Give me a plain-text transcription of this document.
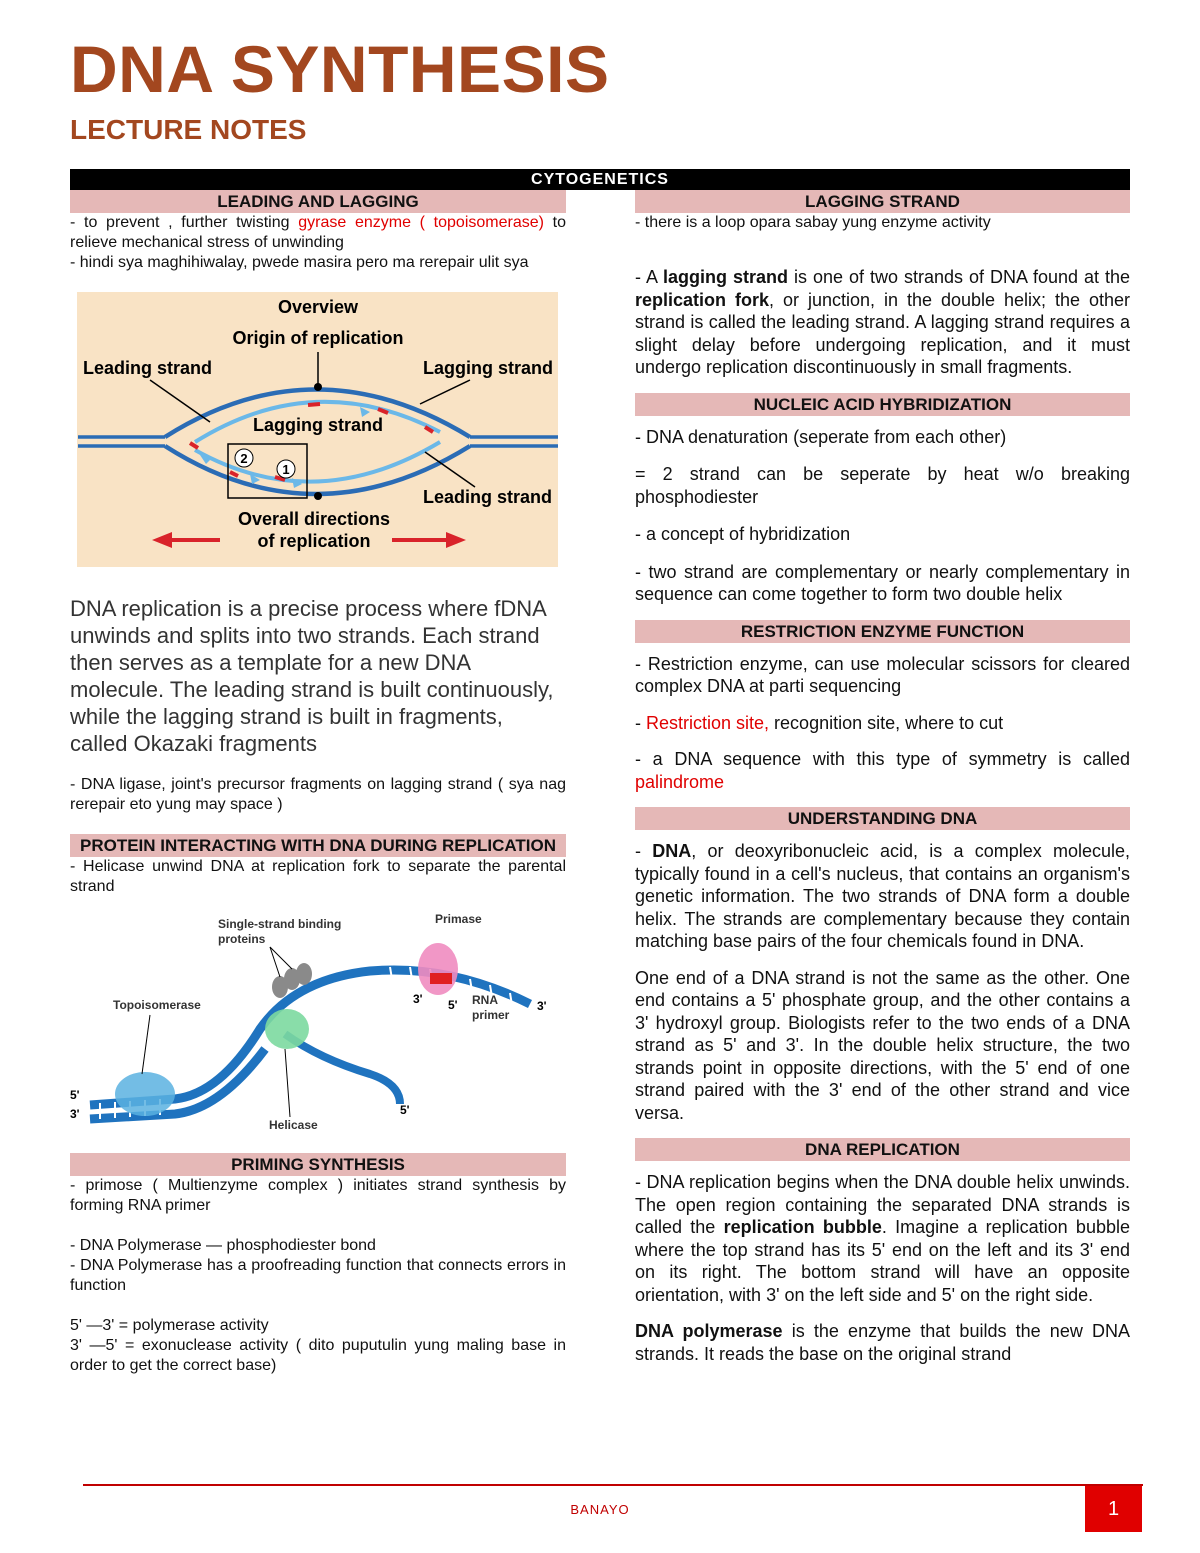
DNA SYNTHESIS
LECTURE NOTES
CYTOGENETICS
LEADING AND LAGGING

- to prevent , further twisting gyrase enzyme ( topoisomerase) to relieve mechanical stress of unwinding

- hindi sya maghihiwalay, pwede masira pero ma rerepair ulit sya

Overview
Origin of replication
Leading strand	Lagging strand
Lagging strand
Leading strand
2
1
Overall directions
of replication

DNA replication is a precise process where fDNA unwinds and splits into two strands. Each strand then serves as a template for a new DNA molecule. The leading strand is built continuously, while the lagging strand is built in fragments, called Okazaki fragments

- DNA ligase, joint's precursor fragments on lagging strand ( sya nag rerepair eto yung may space )

PROTEIN INTERACTING WITH DNA DURING REPLICATION

- Helicase unwind DNA at replication fork to separate the parental strand

Single-strand binding
proteins
Primase
Topoisomerase	RNA
primer
Helicase
5'
3'
3' 5'	3'
5'
PRIMING SYNTHESIS

- primose ( Multienzyme complex ) initiates strand synthesis by forming RNA primer

- DNA Polymerase — phosphodiester bond

- DNA Polymerase has a proofreading function that connects errors in function

5' —3' = polymerase activity

3' —5' = exonuclease activity ( dito puputulin yung maling base in order to get the correct base)

LAGGING STRAND

- there is a loop opara sabay yung enzyme activity

- A lagging strand is one of two strands of DNA found at the replication fork, or junction, in the double helix; the other strand is called the leading strand. A lagging strand requires a slight delay before undergoing replication, and it must undergo replication discontinuously in small fragments.

NUCLEIC ACID HYBRIDIZATION

- DNA denaturation (seperate from each other)

= 2 strand can be seperate by heat w/o breaking phosphodiester

- a concept of hybridization

- two strand are complementary or nearly complementary in sequence can come together to form two double helix

RESTRICTION ENZYME FUNCTION

- Restriction enzyme, can use molecular scissors for cleared complex DNA at parti sequencing

- Restriction site, recognition site, where to cut

- a DNA sequence with this type of symmetry is called palindrome

UNDERSTANDING DNA

- DNA, or deoxyribonucleic acid, is a complex molecule, typically found in a cell's nucleus, that contains an organism's genetic information. The two strands of DNA form a double helix. The strands are complementary because they contain matching base pairs of the four chemicals found in DNA.

One end of a DNA strand is not the same as the other. One end contains a 5' phosphate group, and the other contains a 3' hydroxyl group. Biologists refer to the two ends of a DNA strand as 5' and 3'. In the double helix structure, the two strands point in opposite directions, with the 5' end of one strand paired with the 3' end of the other strand and vice versa.

DNA REPLICATION

- DNA replication begins when the DNA double helix unwinds. The open region containing the separated DNA strands is called the replication bubble. Imagine a replication bubble where the top strand has its 5' end on the left and its 3' end on its right. The bottom strand will have an opposite orientation, with 3' on the left side and 5' on the right side.

DNA polymerase is the enzyme that builds the new DNA strands. It reads the base on the original strand

BANAYO	1
